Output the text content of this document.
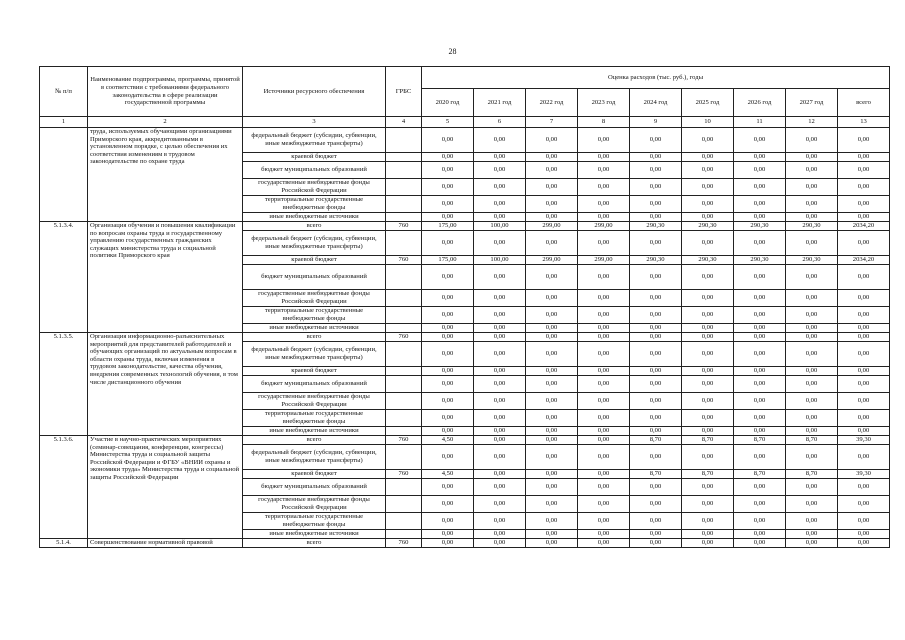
28
№ п/п	Наименование подпрограммы, программы, принятой в соответствии с требованиями федерального законодательства в сфере реализации государственной программы	Источники ресурсного обеспечения	ГРБС	Оценка расходов (тыс. руб.), годы								
				2020 год	2021 год	2022 год	2023 год	2024 год	2025 год	2026 год	2027 год	всего
1	2	3	4	5	6	7	8	9	10	11	12	13
	труда, используемых обучающими организациями Приморского края, аккредитованными в установленном порядке, с целью обеспечения их соответствия изменениям в трудовом законодательстве по охране труда	федеральный бюджет (субсидии, субвенции, иные межбюджетные трансферты)		0,00	0,00	0,00	0,00	0,00	0,00	0,00	0,00	0,00
		краевой бюджет		0,00	0,00	0,00	0,00	0,00	0,00	0,00	0,00	0,00
		бюджет муниципальных образований		0,00	0,00	0,00	0,00	0,00	0,00	0,00	0,00	0,00
		государственные внебюджетные фонды Российской Федерации		0,00	0,00	0,00	0,00	0,00	0,00	0,00	0,00	0,00
		территориальные государственные внебюджетные фонды		0,00	0,00	0,00	0,00	0,00	0,00	0,00	0,00	0,00
		иные внебюджетные источники		0,00	0,00	0,00	0,00	0,00	0,00	0,00	0,00	0,00
5.1.3.4.	Организация обучения и повышения квалификации по вопросам охраны труда и государственному управлению государственных гражданских служащих министерства труда и социальной политики Приморского края	всего	760	175,00	100,00	299,00	299,00	290,30	290,30	290,30	290,30	2034,20
		федеральный бюджет (субсидии, субвенции, иные межбюджетные трансферты)		0,00	0,00	0,00	0,00	0,00	0,00	0,00	0,00	0,00
		краевой бюджет	760	175,00	100,00	299,00	299,00	290,30	290,30	290,30	290,30	2034,20
		бюджет муниципальных образований		0,00	0,00	0,00	0,00	0,00	0,00	0,00	0,00	0,00
		государственные внебюджетные фонды Российской Федерации		0,00	0,00	0,00	0,00	0,00	0,00	0,00	0,00	0,00
		территориальные государственные внебюджетные фонды		0,00	0,00	0,00	0,00	0,00	0,00	0,00	0,00	0,00
		иные внебюджетные источники		0,00	0,00	0,00	0,00	0,00	0,00	0,00	0,00	0,00
5.1.3.5.	Организация информационно-разъяснительных мероприятий для представителей работодателей и обучающих организаций по актуальным вопросам в области охраны труда, включая изменения в трудовом законодательстве, качества обучения, внедрения современных технологий обучения, в том числе дистанционного обучения	всего	760	0,00	0,00	0,00	0,00	0,00	0,00	0,00	0,00	0,00
		федеральный бюджет (субсидии, субвенции, иные межбюджетные трансферты)		0,00	0,00	0,00	0,00	0,00	0,00	0,00	0,00	0,00
		краевой бюджет		0,00	0,00	0,00	0,00	0,00	0,00	0,00	0,00	0,00
		бюджет муниципальных образований		0,00	0,00	0,00	0,00	0,00	0,00	0,00	0,00	0,00
		государственные внебюджетные фонды Российской Федерации		0,00	0,00	0,00	0,00	0,00	0,00	0,00	0,00	0,00
		территориальные государственные внебюджетные фонды		0,00	0,00	0,00	0,00	0,00	0,00	0,00	0,00	0,00
		иные внебюджетные источники		0,00	0,00	0,00	0,00	0,00	0,00	0,00	0,00	0,00
5.1.3.6.	Участие в научно-практических мероприятиях (семинар-совещания, конференции, конгрессы) Министерства труда и социальной защиты Российской Федерации и ФГБУ «ВНИИ охраны и экономики труда» Министерства труда и социальной защиты Российской Федерации	всего	760	4,50	0,00	0,00	0,00	8,70	8,70	8,70	8,70	39,30
		федеральный бюджет (субсидии, субвенции, иные межбюджетные трансферты)		0,00	0,00	0,00	0,00	0,00	0,00	0,00	0,00	0,00
		краевой бюджет	760	4,50	0,00	0,00	0,00	8,70	8,70	8,70	8,70	39,30
		бюджет муниципальных образований		0,00	0,00	0,00	0,00	0,00	0,00	0,00	0,00	0,00
		государственные внебюджетные фонды Российской Федерации		0,00	0,00	0,00	0,00	0,00	0,00	0,00	0,00	0,00
		территориальные государственные внебюджетные фонды		0,00	0,00	0,00	0,00	0,00	0,00	0,00	0,00	0,00
		иные внебюджетные источники		0,00	0,00	0,00	0,00	0,00	0,00	0,00	0,00	0,00
5.1.4.	Совершенствование нормативной правовой	всего	760	0,00	0,00	0,00	0,00	0,00	0,00	0,00	0,00	0,00
